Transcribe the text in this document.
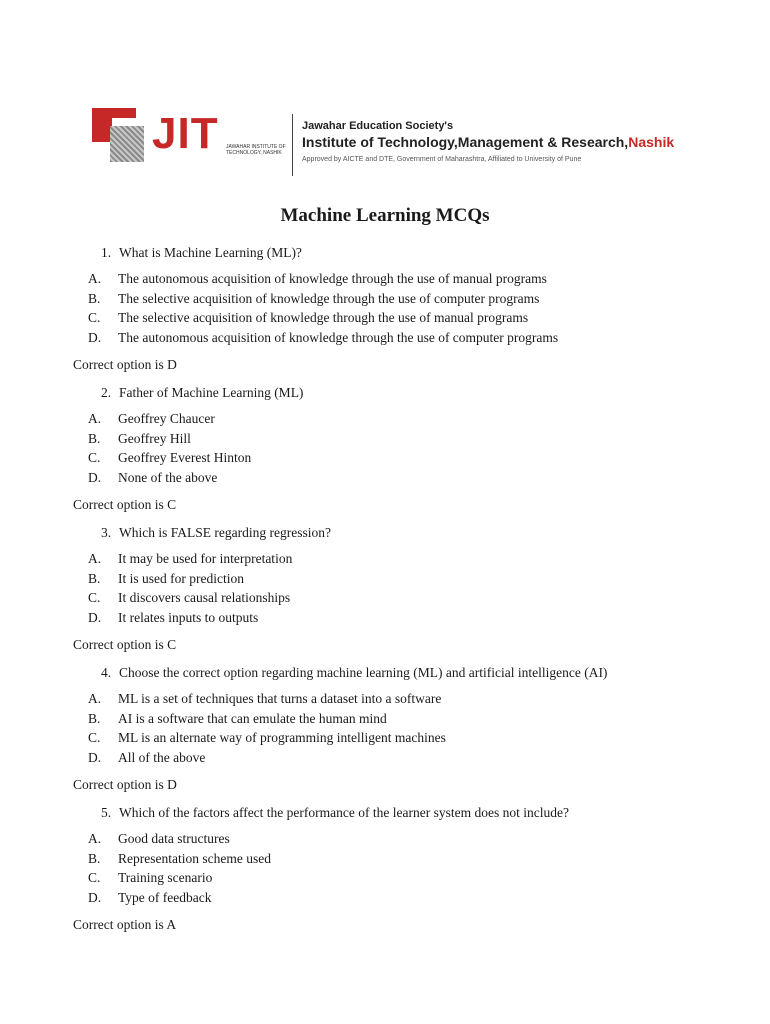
JIT JAWAHAR INSTITUTE OF TECHNOLOGY, NASHIK
Jawahar Education Society's
Institute of Technology,Management & Research,Nashik
Approved by AICTE and DTE, Government of Maharashtra, Affiliated to University of Pune
Machine Learning MCQs
1. What is Machine Learning (ML)?
A. The autonomous acquisition of knowledge through the use of manual programs
B. The selective acquisition of knowledge through the use of computer programs
C. The selective acquisition of knowledge through the use of manual programs
D. The autonomous acquisition of knowledge through the use of computer programs
Correct option is D
2. Father of Machine Learning (ML)
A. Geoffrey Chaucer
B. Geoffrey Hill
C. Geoffrey Everest Hinton
D. None of the above
Correct option is C
3. Which is FALSE regarding regression?
A. It may be used for interpretation
B. It is used for prediction
C. It discovers causal relationships
D. It relates inputs to outputs
Correct option is C
4. Choose the correct option regarding machine learning (ML) and artificial intelligence (AI)
A. ML is a set of techniques that turns a dataset into a software
B. AI is a software that can emulate the human mind
C. ML is an alternate way of programming intelligent machines
D. All of the above
Correct option is D
5. Which of the factors affect the performance of the learner system does not include?
A. Good data structures
B. Representation scheme used
C. Training scenario
D. Type of feedback
Correct option is A
